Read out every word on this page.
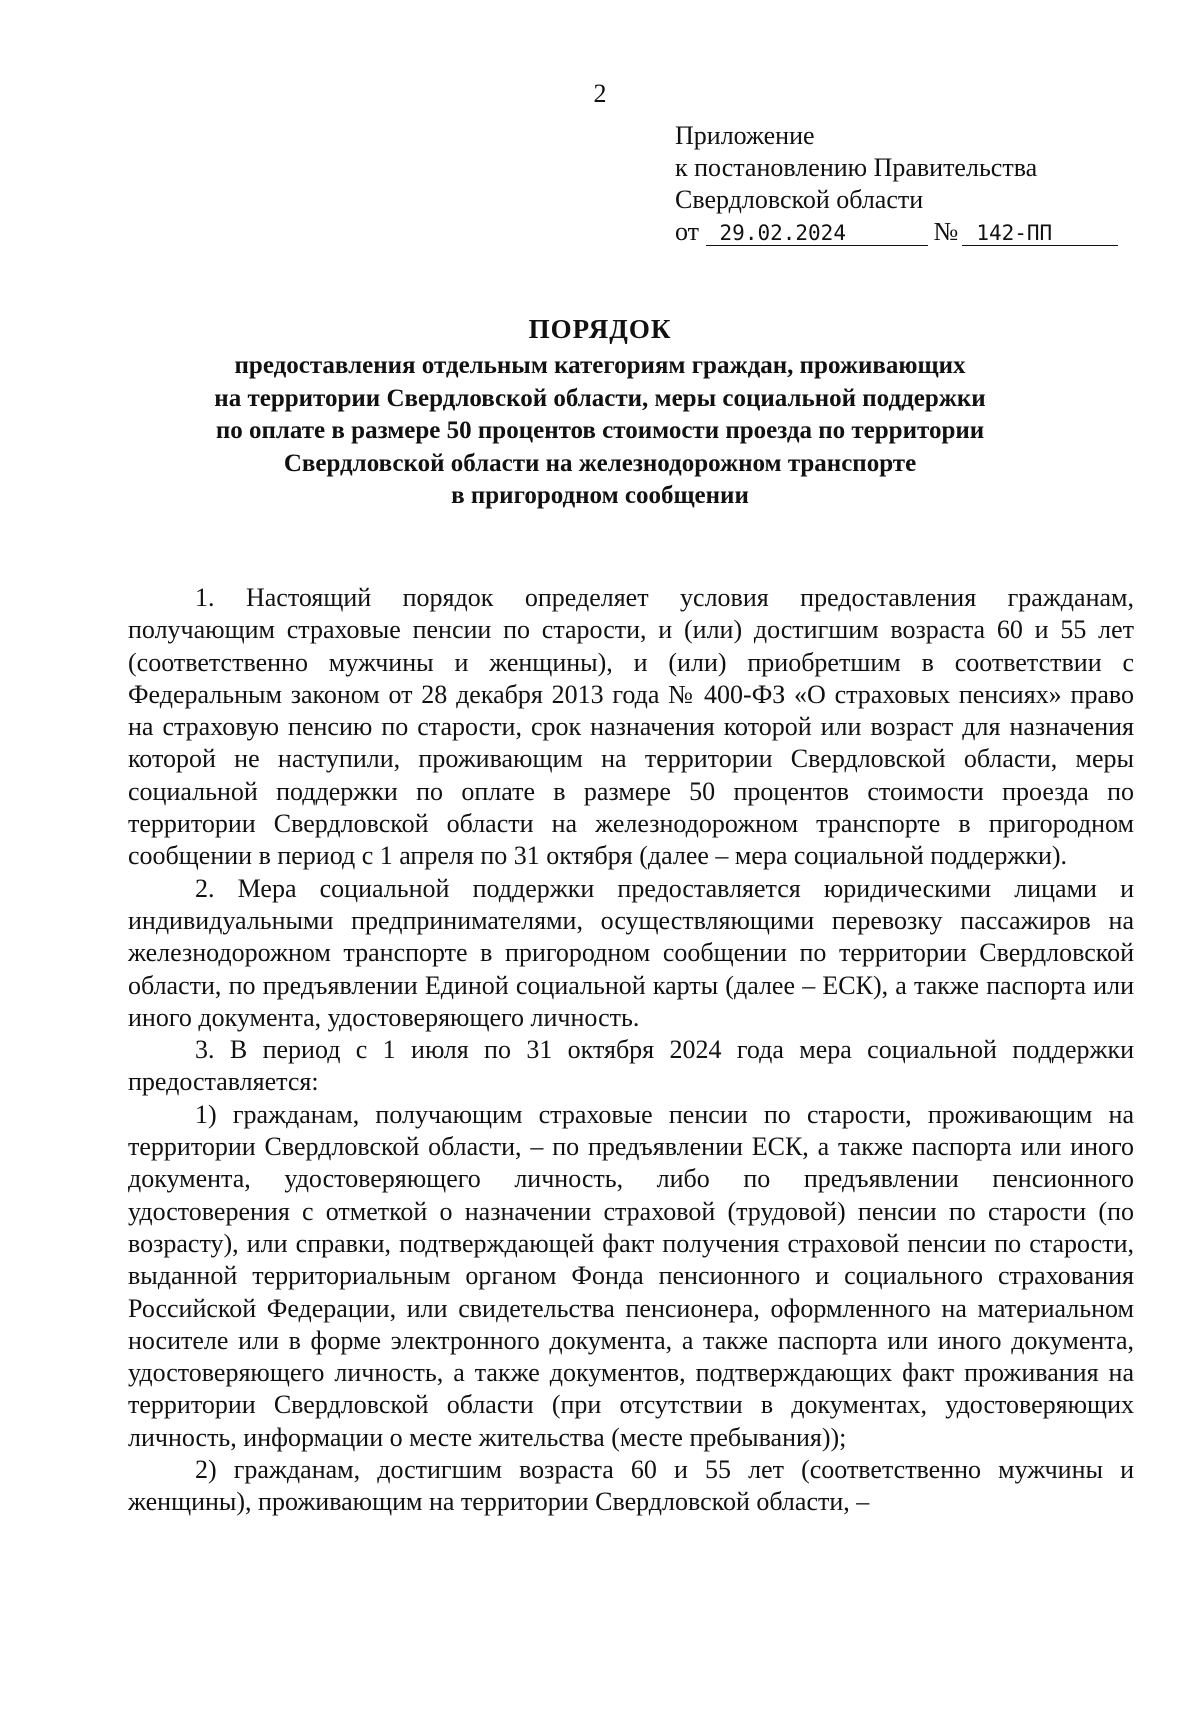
2
Приложение
к постановлению Правительства
Свердловской области
от 29.02.2024	№ 142-ПП
ПОРЯДОК
предоставления отдельным категориям граждан, проживающих
на территории Свердловской области, меры социальной поддержки
по оплате в размере 50 процентов стоимости проезда по территории
Свердловской области на железнодорожном транспорте
в пригородном сообщении

1. Настоящий порядок определяет условия предоставления гражданам, получающим страховые пенсии по старости, и (или) достигшим возраста 60 и 55 лет (соответственно мужчины и женщины), и (или) приобретшим в соответствии с Федеральным законом от 28 декабря 2013 года № 400-ФЗ «О страховых пенсиях» право на страховую пенсию по старости, срок назначения которой или возраст для назначения которой не наступили, проживающим на территории Свердловской области, меры социальной поддержки по оплате в размере 50 процентов стоимости проезда по территории Свердловской области на железнодорожном транспорте в пригородном сообщении в период с 1 апреля по 31 октября (далее – мера социальной поддержки).

2. Мера социальной поддержки предоставляется юридическими лицами и индивидуальными предпринимателями, осуществляющими перевозку пассажиров на железнодорожном транспорте в пригородном сообщении по территории Свердловской области, по предъявлении Единой социальной карты (далее – ЕСК), а также паспорта или иного документа, удостоверяющего личность.

3. В период с 1 июля по 31 октября 2024 года мера социальной поддержки предоставляется:

1) гражданам, получающим страховые пенсии по старости, проживающим на территории Свердловской области, – по предъявлении ЕСК, а также паспорта или иного документа, удостоверяющего личность, либо по предъявлении пенсионного удостоверения с отметкой о назначении страховой (трудовой) пенсии по старости (по возрасту), или справки, подтверждающей факт получения страховой пенсии по старости, выданной территориальным органом Фонда пенсионного и социального страхования Российской Федерации, или свидетельства пенсионера, оформленного на материальном носителе или в форме электронного документа, а также паспорта или иного документа, удостоверяющего личность, а также документов, подтверждающих факт проживания на территории Свердловской области (при отсутствии в документах, удостоверяющих личность, информации о месте жительства (месте пребывания));

2) гражданам, достигшим возраста 60 и 55 лет (соответственно мужчины и женщины), проживающим на территории Свердловской области, –
